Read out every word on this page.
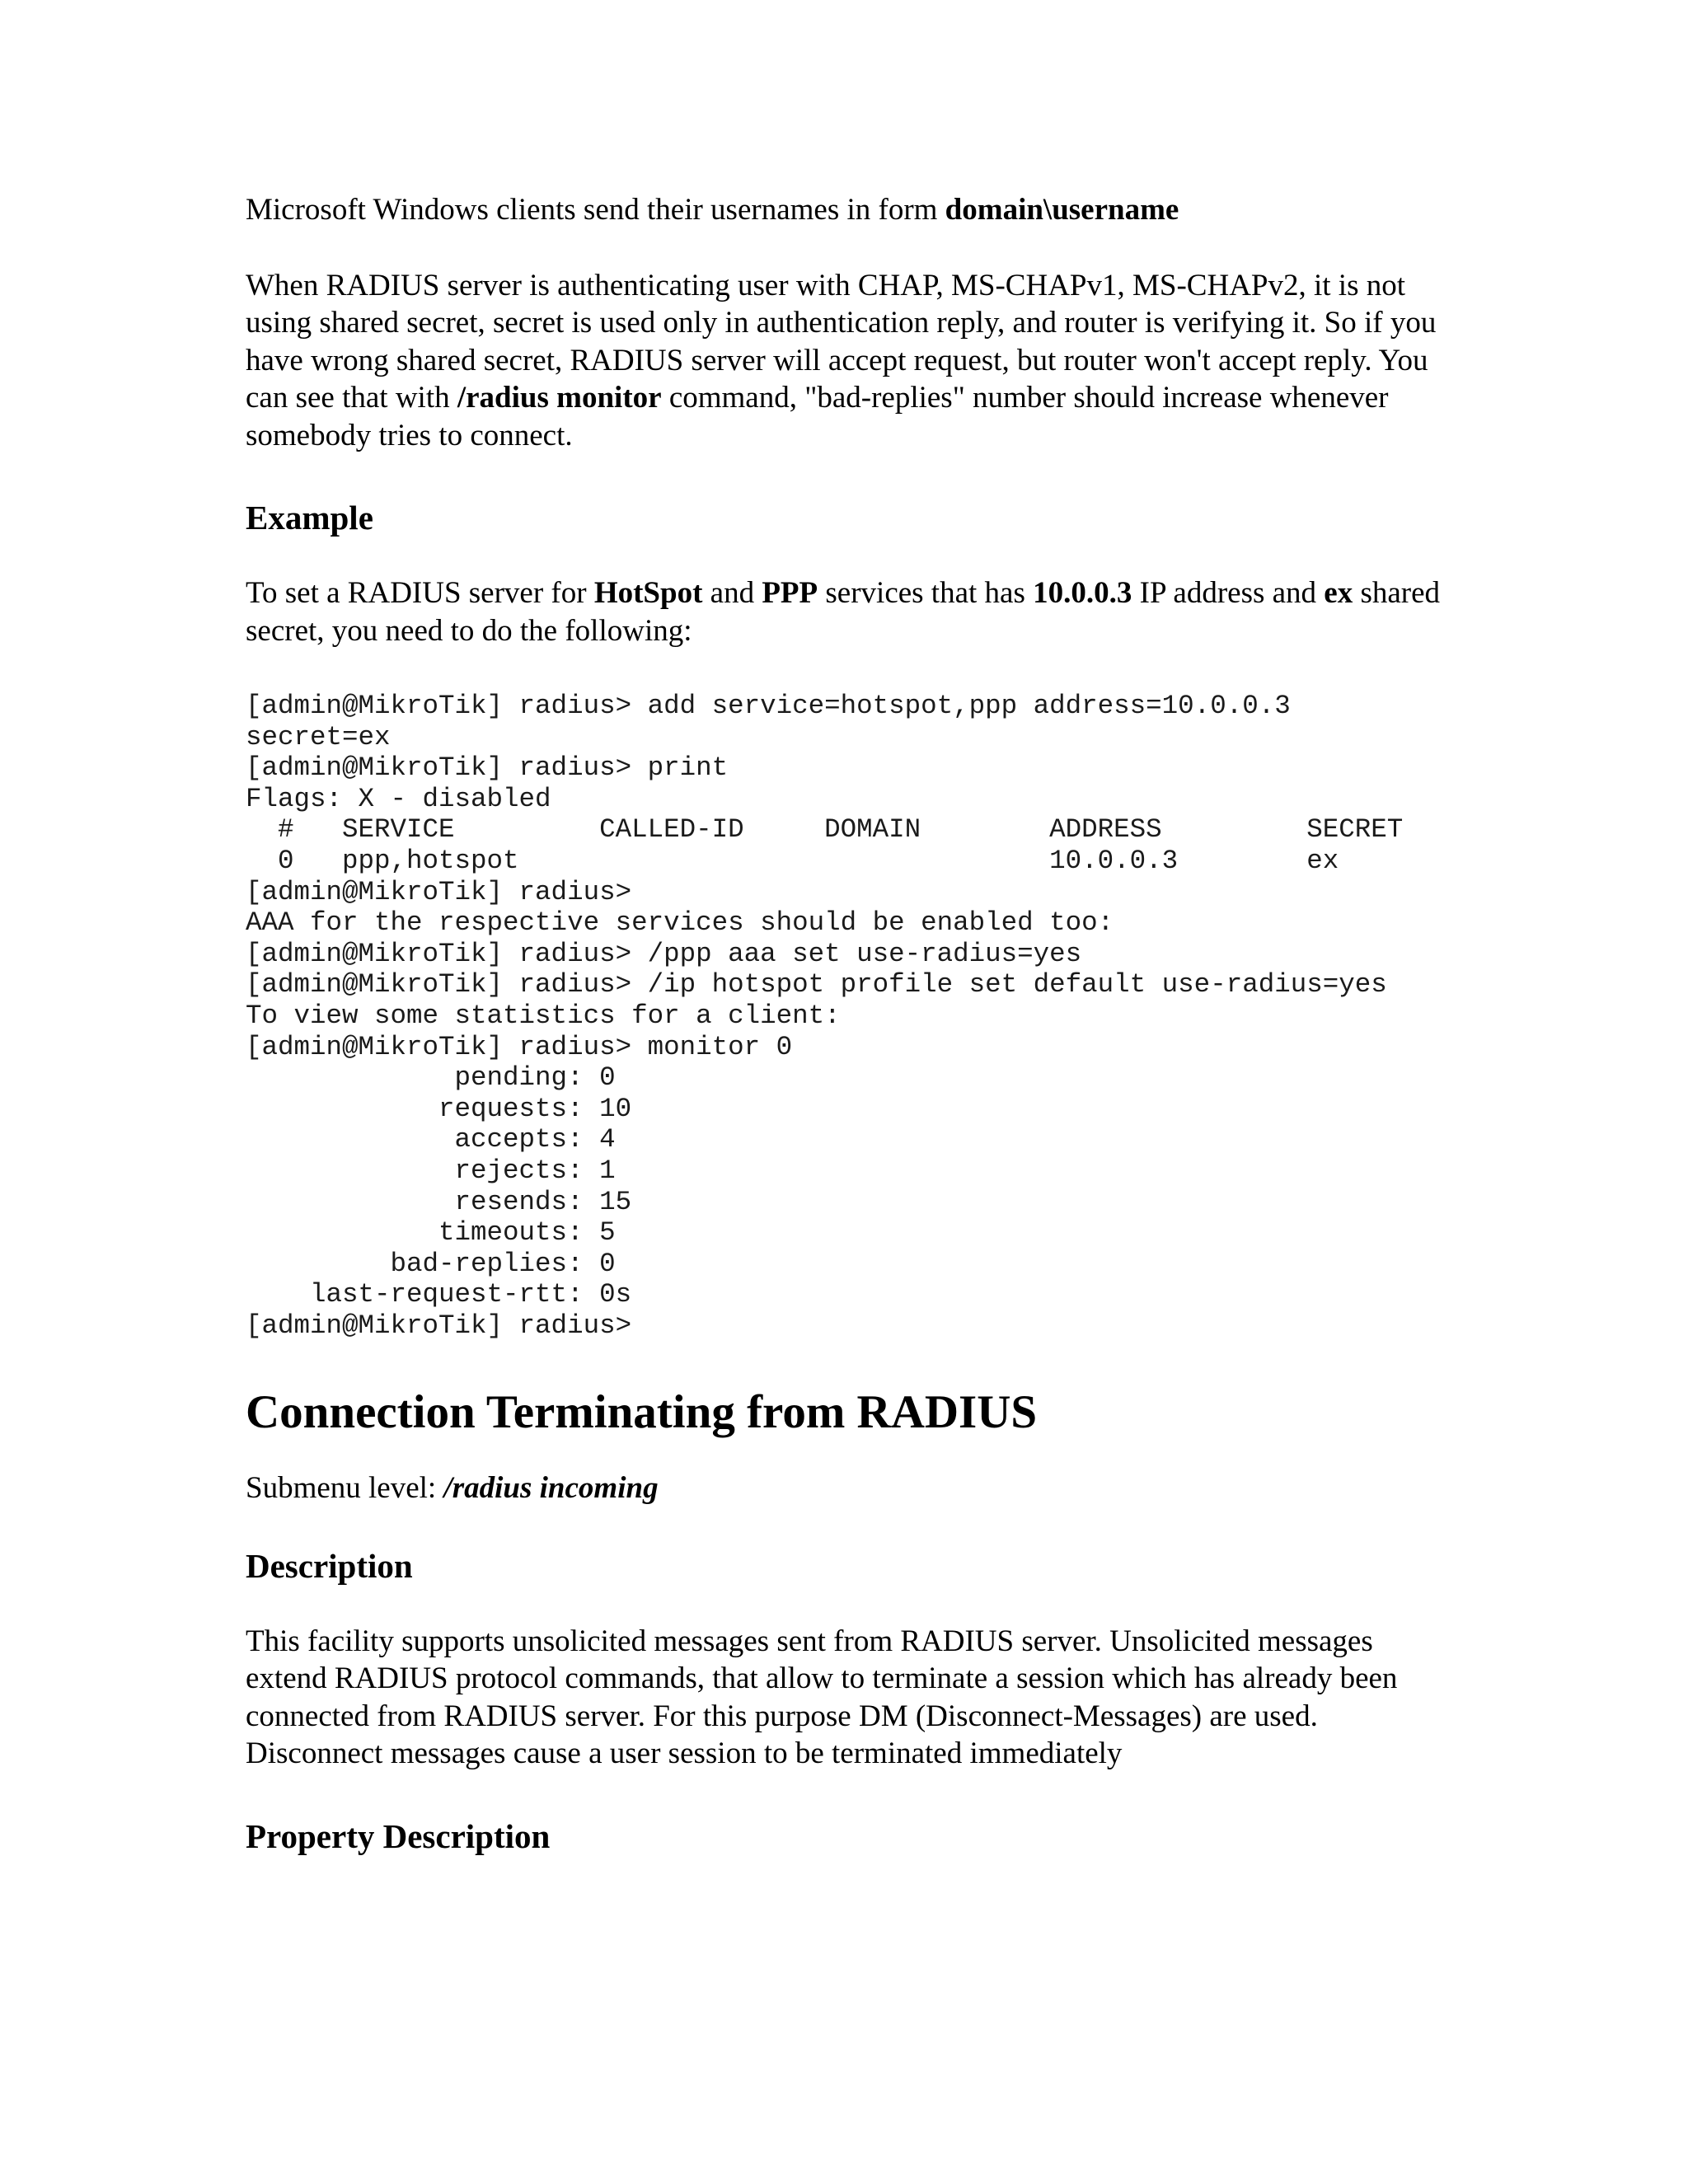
Microsoft Windows clients send their usernames in form domain\username

When RADIUS server is authenticating user with CHAP, MS-CHAPv1, MS-CHAPv2, it is not using shared secret, secret is used only in authentication reply, and router is verifying it. So if you have wrong shared secret, RADIUS server will accept request, but router won't accept reply. You can see that with /radius monitor command, "bad-replies" number should increase whenever somebody tries to connect.

Example

To set a RADIUS server for HotSpot and PPP services that has 10.0.0.3 IP address and ex shared secret, you need to do the following:

[admin@MikroTik] radius> add service=hotspot,ppp address=10.0.0.3
secret=ex
[admin@MikroTik] radius> print
Flags: X - disabled
#   SERVICE         CALLED-ID     DOMAIN        ADDRESS         SECRET
0   ppp,hotspot                                 10.0.0.3        ex
[admin@MikroTik] radius>
AAA for the respective services should be enabled too:
[admin@MikroTik] radius> /ppp aaa set use-radius=yes
[admin@MikroTik] radius> /ip hotspot profile set default use-radius=yes
To view some statistics for a client:
[admin@MikroTik] radius> monitor 0
pending: 0
requests: 10
accepts: 4
rejects: 1
resends: 15
timeouts: 5
bad-replies: 0
last-request-rtt: 0s
[admin@MikroTik] radius>
Connection Terminating from RADIUS

Submenu level: /radius incoming

Description

This facility supports unsolicited messages sent from RADIUS server. Unsolicited messages extend RADIUS protocol commands, that allow to terminate a session which has already been connected from RADIUS server. For this purpose DM (Disconnect-Messages) are used. Disconnect messages cause a user session to be terminated immediately

Property Description
